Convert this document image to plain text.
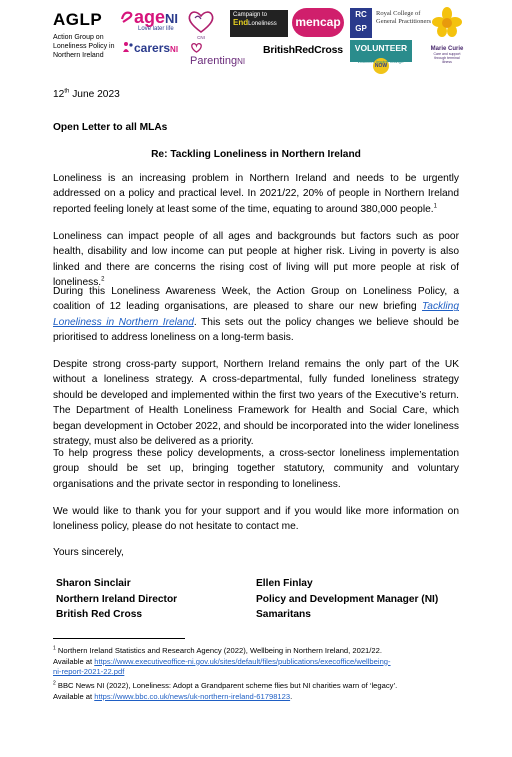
AGLP
Action Group on Loneliness Policy in Northern Ireland
ageNI
Love later life
CNI
Campaign to
EndLoneliness	mencap
RC GP
Royal College of General Practitioners
carersNI
ParentingNI
BritishRedCross	VOLUNTEER NOW
volunteer. inspire. change.
Marie Curie
Care and support through terminal illness
12th June 2023
Open Letter to all MLAs
Re: Tackling Loneliness in Northern Ireland
Loneliness is an increasing problem in Northern Ireland and needs to be urgently addressed on a policy and practical level. In 2021/22, 20% of people in Northern Ireland reported feeling lonely at least some of the time, equating to around 380,000 people.$^1$
Loneliness can impact people of all ages and backgrounds but factors such as poor health, disability and low income can put people at higher risk. Living in poverty is also linked and there are concerns the rising cost of living will put more people at risk of loneliness.$^2$
During this Loneliness Awareness Week, the Action Group on Loneliness Policy, a coalition of 12 leading organisations, are pleased to share our new briefing Tackling Loneliness in Northern Ireland. This sets out the policy changes we believe should be prioritised to address loneliness on a long-term basis.
Despite strong cross-party support, Northern Ireland remains the only part of the UK without a loneliness strategy. A cross-departmental, fully funded loneliness strategy should be developed and implemented within the first two years of the Executive’s return. The Department of Health Loneliness Framework for Health and Social Care, which began development in October 2022, and should be incorporated into the wider loneliness strategy, must also be delivered as a priority.
To help progress these policy developments, a cross-sector loneliness implementation group should be set up, bringing together statutory, community and voluntary organisations and the private sector in responding to loneliness.
We would like to thank you for your support and if you would like more information on loneliness policy, please do not hesitate to contact me.
Yours sincerely,
Sharon Sinclair
Northern Ireland Director
British Red Cross
Ellen Finlay
Policy and Development Manager (NI)
Samaritans
$^1$ Northern Ireland Statistics and Research Agency (2022), Wellbeing in Northern Ireland, 2021/22.
Available at https://www.executiveoffice-ni.gov.uk/sites/default/files/publications/execoffice/wellbeing-
ni-report-2021-22.pdf
$^2$ BBC News NI (2022), Loneliness: Adopt a Grandparent scheme flies but NI charities warn of ‘legacy’.
Available at https://www.bbc.co.uk/news/uk-northern-ireland-61798123.
